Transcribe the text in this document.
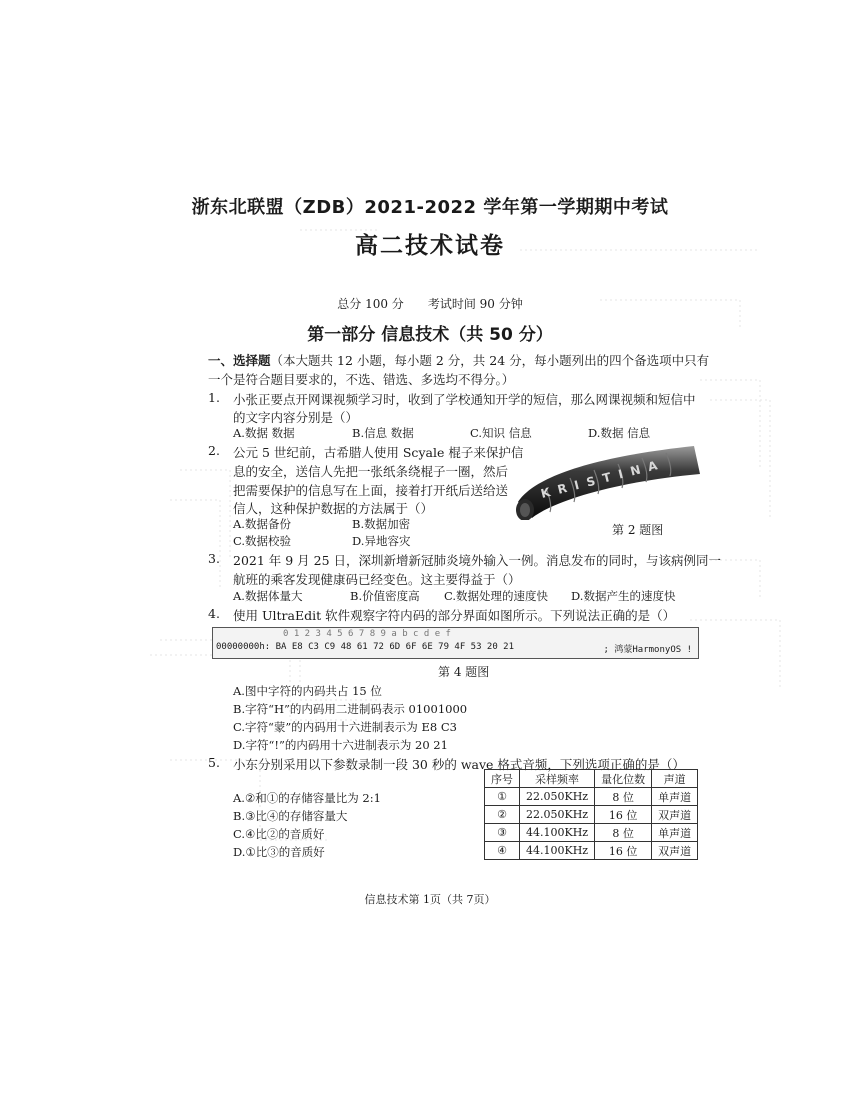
浙东北联盟（ZDB）2021-2022 学年第一学期期中考试
高二技术试卷
总分 100 分 考试时间 90 分钟
第一部分 信息技术（共 50 分）
一、选择题（本大题共 12 小题，每小题 2 分，共 24 分，每小题列出的四个备选项中只有
一个是符合题目要求的，不选、错选、多选均不得分。）
1. 小张正要点开网课视频学习时，收到了学校通知开学的短信，那么网课视频和短信中
的文字内容分别是（）
A.数据 数据	B.信息 数据	C.知识 信息	D.数据 信息
2. 公元 5 世纪前，古希腊人使用 Scyale 棍子来保护信
息的安全，送信人先把一张纸条绕棍子一圈，然后
把需要保护的信息写在上面，接着打开纸后送给送
信人，这种保护数据的方法属于（）
A.数据备份	B.数据加密
C.数据校验	D.异地容灾
KRISTINA
第 2 题图
3. 2021 年 9 月 25 日，深圳新增新冠肺炎境外输入一例。消息发布的同时，与该病例同一
航班的乘客发现健康码已经变色。这主要得益于（）
A.数据体量大	B.价值密度高 C.数据处理的速度快 D.数据产生的速度快
4. 使用 UltraEdit 软件观察字符内码的部分界面如图所示。下列说法正确的是（）
0 1 2 3 4 5 6 7 8 9 a b c d e f
00000000h: BA E8 C3 C9 48 61 72 6D 6F 6E 79 4F 53 20 21	; 鸿蒙HarmonyOS !
第 4 题图
A.图中字符的内码共占 15 位
B.字符“H”的内码用二进制码表示 01001000
C.字符“蒙”的内码用十六进制表示为 E8 C3
D.字符“!”的内码用十六进制表示为 20 21
5. 小东分别采用以下参数录制一段 30 秒的 wave 格式音频，下列选项正确的是（）
A.②和①的存储容量比为 2:1
B.③比④的存储容量大
C.④比②的音质好
D.①比③的音质好
序号	采样频率	量化位数	声道
①	22.050KHz	8 位	单声道
②	22.050KHz	16 位	双声道
③	44.100KHz	8 位	单声道
④	44.100KHz	16 位	双声道
信息技术第 1页（共 7页）
